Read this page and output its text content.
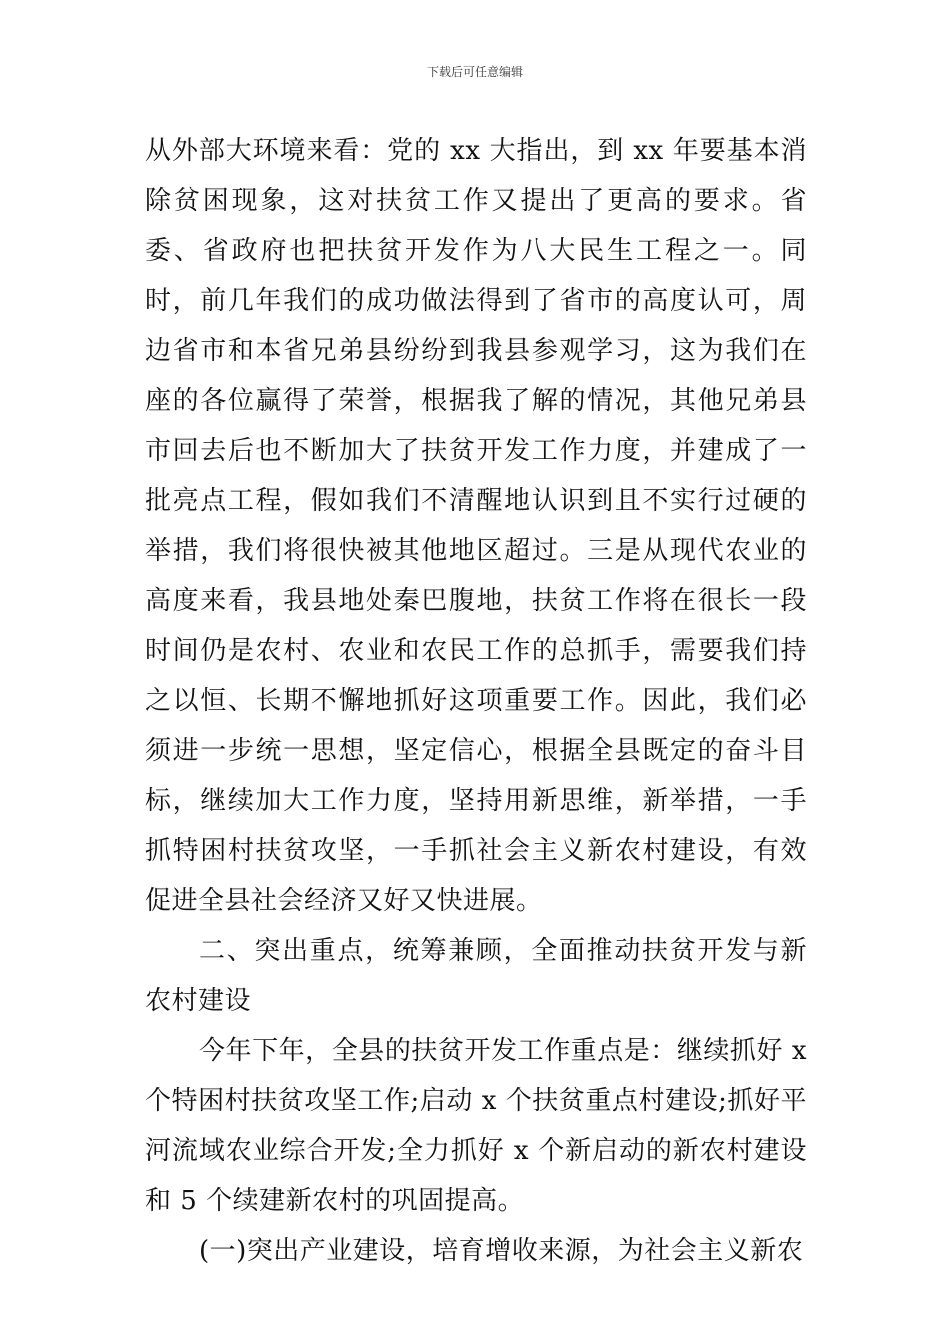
下载后可任意编辑

从外部大环境来看：党的 xx 大指出，到 xx 年要基本消除贫困现象，这对扶贫工作又提出了更高的要求。省委、省政府也把扶贫开发作为八大民生工程之一。同时，前几年我们的成功做法得到了省市的高度认可，周边省市和本省兄弟县纷纷到我县参观学习，这为我们在座的各位赢得了荣誉，根据我了解的情况，其他兄弟县市回去后也不断加大了扶贫开发工作力度，并建成了一批亮点工程，假如我们不清醒地认识到且不实行过硬的举措，我们将很快被其他地区超过。三是从现代农业的高度来看，我县地处秦巴腹地，扶贫工作将在很长一段时间仍是农村、农业和农民工作的总抓手，需要我们持之以恒、长期不懈地抓好这项重要工作。因此，我们必须进一步统一思想，坚定信心，根据全县既定的奋斗目标，继续加大工作力度，坚持用新思维，新举措，一手抓特困村扶贫攻坚，一手抓社会主义新农村建设，有效促进全县社会经济又好又快进展。

二、突出重点，统筹兼顾，全面推动扶贫开发与新农村建设

今年下年，全县的扶贫开发工作重点是：继续抓好 x 个特困村扶贫攻坚工作;启动 x 个扶贫重点村建设;抓好平河流域农业综合开发;全力抓好 x 个新启动的新农村建设和 5 个续建新农村的巩固提高。

(一)突出产业建设，培育增收来源，为社会主义新农
